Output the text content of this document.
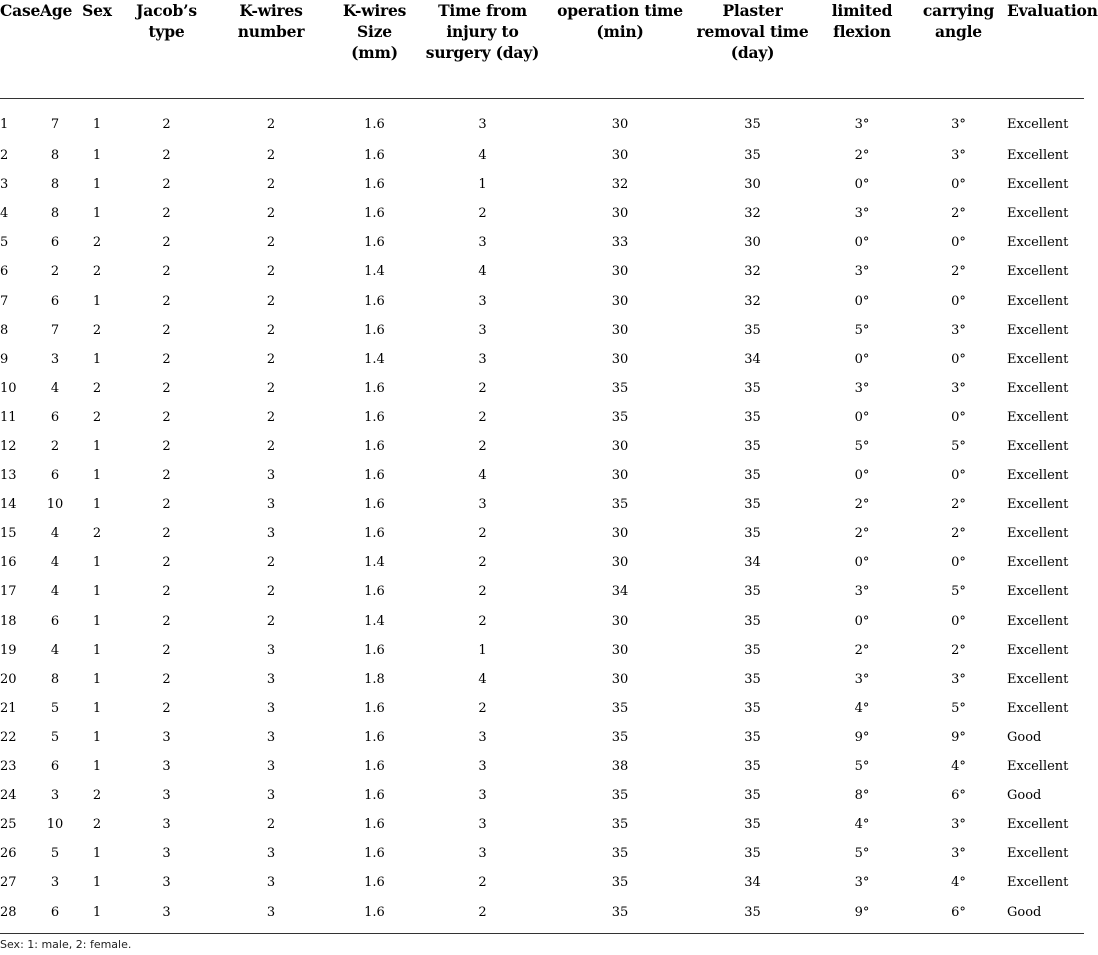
Case	Age	Sex	Jacob’s type	K-wires number	K-wires Size (mm)	Time from injury to surgery (day)	operation time (min)	Plaster removal time (day)	limited flexion	carrying angle	Evaluation
1	7	1	2	2	1.6	3	30	35	3°	3°	Excellent
2	8	1	2	2	1.6	4	30	35	2°	3°	Excellent
3	8	1	2	2	1.6	1	32	30	0°	0°	Excellent
4	8	1	2	2	1.6	2	30	32	3°	2°	Excellent
5	6	2	2	2	1.6	3	33	30	0°	0°	Excellent
6	2	2	2	2	1.4	4	30	32	3°	2°	Excellent
7	6	1	2	2	1.6	3	30	32	0°	0°	Excellent
8	7	2	2	2	1.6	3	30	35	5°	3°	Excellent
9	3	1	2	2	1.4	3	30	34	0°	0°	Excellent
10	4	2	2	2	1.6	2	35	35	3°	3°	Excellent
11	6	2	2	2	1.6	2	35	35	0°	0°	Excellent
12	2	1	2	2	1.6	2	30	35	5°	5°	Excellent
13	6	1	2	3	1.6	4	30	35	0°	0°	Excellent
14	10	1	2	3	1.6	3	35	35	2°	2°	Excellent
15	4	2	2	3	1.6	2	30	35	2°	2°	Excellent
16	4	1	2	2	1.4	2	30	34	0°	0°	Excellent
17	4	1	2	2	1.6	2	34	35	3°	5°	Excellent
18	6	1	2	2	1.4	2	30	35	0°	0°	Excellent
19	4	1	2	3	1.6	1	30	35	2°	2°	Excellent
20	8	1	2	3	1.8	4	30	35	3°	3°	Excellent
21	5	1	2	3	1.6	2	35	35	4°	5°	Excellent
22	5	1	3	3	1.6	3	35	35	9°	9°	Good
23	6	1	3	3	1.6	3	38	35	5°	4°	Excellent
24	3	2	3	3	1.6	3	35	35	8°	6°	Good
25	10	2	3	2	1.6	3	35	35	4°	3°	Excellent
26	5	1	3	3	1.6	3	35	35	5°	3°	Excellent
27	3	1	3	3	1.6	2	35	34	3°	4°	Excellent
28	6	1	3	3	1.6	2	35	35	9°	6°	Good
Sex: 1: male, 2: female.
